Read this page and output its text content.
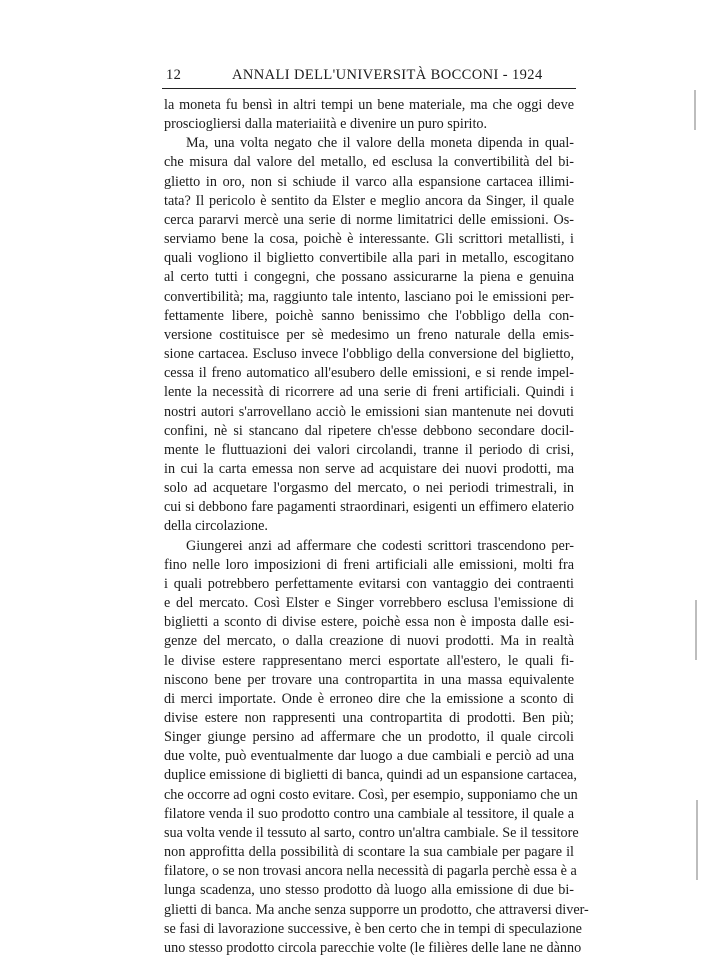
12	ANNALI DELL'UNIVERSITÀ BOCCONI - 1924
la moneta fu bensì in altri tempi un bene materiale, ma che oggi deve
prosciogliersi dalla materiaiità e divenire un puro spirito.
Ma, una volta negato che il valore della moneta dipenda in qual-
che misura dal valore del metallo, ed esclusa la convertibilità del bi-
glietto in oro, non si schiude il varco alla espansione cartacea illimi-
tata? Il pericolo è sentito da Elster e meglio ancora da Singer, il quale
cerca pararvi mercè una serie di norme limitatrici delle emissioni. Os-
serviamo bene la cosa, poichè è interessante. Gli scrittori metallisti, i
quali vogliono il biglietto convertibile alla pari in metallo, escogitano
al certo tutti i congegni, che possano assicurarne la piena e genuina
convertibilità; ma, raggiunto tale intento, lasciano poi le emissioni per-
fettamente libere, poichè sanno benissimo che l'obbligo della con-
versione costituisce per sè medesimo un freno naturale della emis-
sione cartacea. Escluso invece l'obbligo della conversione del biglietto,
cessa il freno automatico all'esubero delle emissioni, e si rende impel-
lente la necessità di ricorrere ad una serie di freni artificiali. Quindi i
nostri autori s'arrovellano acciò le emissioni sian mantenute nei dovuti
confini, nè si stancano dal ripetere ch'esse debbono secondare docil-
mente le fluttuazioni dei valori circolandi, tranne il periodo di crisi,
in cui la carta emessa non serve ad acquistare dei nuovi prodotti, ma
solo ad acquetare l'orgasmo del mercato, o nei periodi trimestrali, in
cui si debbono fare pagamenti straordinari, esigenti un effimero elaterio
della circolazione.
Giungerei anzi ad affermare che codesti scrittori trascendono per-
fino nelle loro imposizioni di freni artificiali alle emissioni, molti fra
i quali potrebbero perfettamente evitarsi con vantaggio dei contraenti
e del mercato. Così Elster e Singer vorrebbero esclusa l'emissione di
biglietti a sconto di divise estere, poichè essa non è imposta dalle esi-
genze del mercato, o dalla creazione di nuovi prodotti. Ma in realtà
le divise estere rappresentano merci esportate all'estero, le quali fi-
niscono bene per trovare una contropartita in una massa equivalente
di merci importate. Onde è erroneo dire che la emissione a sconto di
divise estere non rappresenti una contropartita di prodotti. Ben più;
Singer giunge persino ad affermare che un prodotto, il quale circoli
due volte, può eventualmente dar luogo a due cambiali e perciò ad una
duplice emissione di biglietti di banca, quindi ad un espansione cartacea,
che occorre ad ogni costo evitare. Così, per esempio, supponiamo che un
filatore venda il suo prodotto contro una cambiale al tessitore, il quale a
sua volta vende il tessuto al sarto, contro un'altra cambiale. Se il tessitore
non approfitta della possibilità di scontare la sua cambiale per pagare il
filatore, o se non trovasi ancora nella necessità di pagarla perchè essa è a
lunga scadenza, uno stesso prodotto dà luogo alla emissione di due bi-
glietti di banca. Ma anche senza supporre un prodotto, che attraversi diver-
se fasi di lavorazione successive, è ben certo che in tempi di speculazione
uno stesso prodotto circola parecchie volte (le filières delle lane ne dànno
